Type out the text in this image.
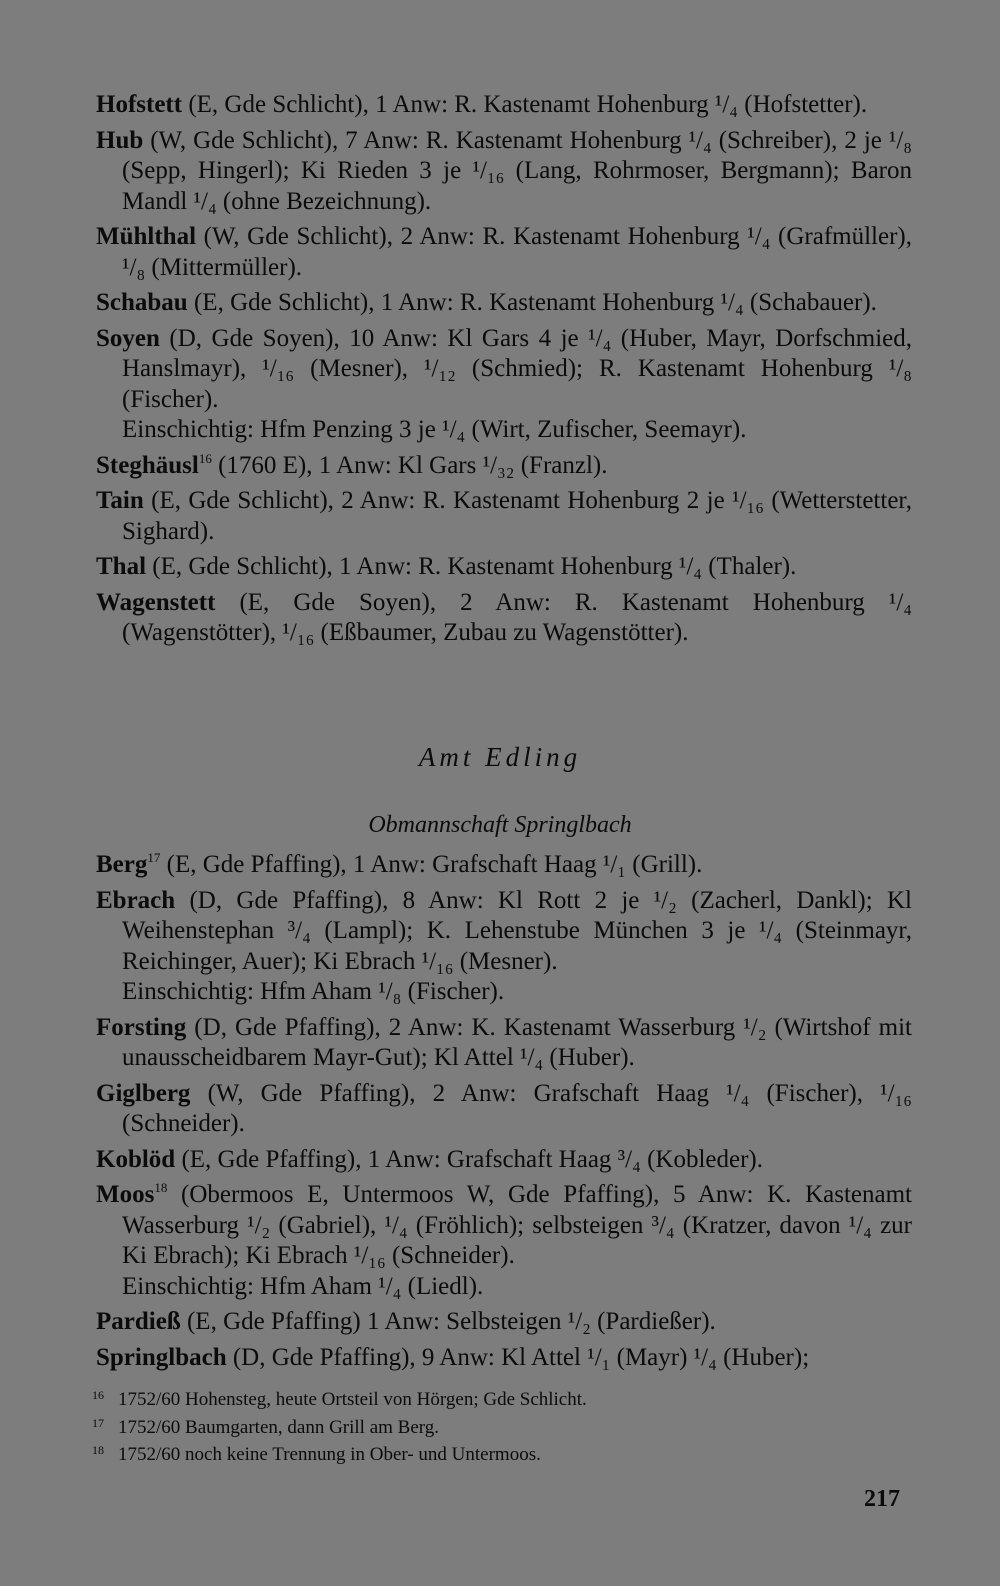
Hofstett (E, Gde Schlicht), 1 Anw: R. Kastenamt Hohenburg ¹/₄ (Hofstetter).

Hub (W, Gde Schlicht), 7 Anw: R. Kastenamt Hohenburg ¹/₄ (Schreiber), 2 je ¹/₈ (Sepp, Hingerl); Ki Rieden 3 je ¹/₁₆ (Lang, Rohrmoser, Bergmann); Baron Mandl ¹/₄ (ohne Bezeichnung).

Mühlthal (W, Gde Schlicht), 2 Anw: R. Kastenamt Hohenburg ¹/₄ (Grafmüller), ¹/₈ (Mittermüller).

Schabau (E, Gde Schlicht), 1 Anw: R. Kastenamt Hohenburg ¹/₄ (Schabauer).

Soyen (D, Gde Soyen), 10 Anw: Kl Gars 4 je ¹/₄ (Huber, Mayr, Dorfschmied, Hanslmayr), ¹/₁₆ (Mesner), ¹/₁₂ (Schmied); R. Kastenamt Hohenburg ¹/₈ (Fischer).
Einschichtig: Hfm Penzing 3 je ¹/₄ (Wirt, Zufischer, Seemayr).

Steghäusl$^{16}$ (1760 E), 1 Anw: Kl Gars ¹/₃₂ (Franzl).

Tain (E, Gde Schlicht), 2 Anw: R. Kastenamt Hohenburg 2 je ¹/₁₆ (Wetterstetter, Sighard).

Thal (E, Gde Schlicht), 1 Anw: R. Kastenamt Hohenburg ¹/₄ (Thaler).

Wagenstett (E, Gde Soyen), 2 Anw: R. Kastenamt Hohenburg ¹/₄ (Wagenstötter), ¹/₁₆ (Eßbaumer, Zubau zu Wagenstötter).

Amt Edling
Obmannschaft Springlbach

Berg$^{17}$ (E, Gde Pfaffing), 1 Anw: Grafschaft Haag ¹/₁ (Grill).

Ebrach (D, Gde Pfaffing), 8 Anw: Kl Rott 2 je ¹/₂ (Zacherl, Dankl); Kl Weihenstephan ³/₄ (Lampl); K. Lehenstube München 3 je ¹/₄ (Steinmayr, Reichinger, Auer); Ki Ebrach ¹/₁₆ (Mesner).
Einschichtig: Hfm Aham ¹/₈ (Fischer).

Forsting (D, Gde Pfaffing), 2 Anw: K. Kastenamt Wasserburg ¹/₂ (Wirtshof mit unausscheidbarem Mayr-Gut); Kl Attel ¹/₄ (Huber).

Giglberg (W, Gde Pfaffing), 2 Anw: Grafschaft Haag ¹/₄ (Fischer), ¹/₁₆ (Schneider).

Koblöd (E, Gde Pfaffing), 1 Anw: Grafschaft Haag ³/₄ (Kobleder).

Moos$^{18}$ (Obermoos E, Untermoos W, Gde Pfaffing), 5 Anw: K. Kastenamt Wasserburg ¹/₂ (Gabriel), ¹/₄ (Fröhlich); selbsteigen ³/₄ (Kratzer, davon ¹/₄ zur Ki Ebrach); Ki Ebrach ¹/₁₆ (Schneider).
Einschichtig: Hfm Aham ¹/₄ (Liedl).

Pardieß (E, Gde Pfaffing) 1 Anw: Selbsteigen ¹/₂ (Pardießer).

Springlbach (D, Gde Pfaffing), 9 Anw: Kl Attel ¹/₁ (Mayr) ¹/₄ (Huber);

16 1752/60 Hohensteg, heute Ortsteil von Hörgen; Gde Schlicht.
17 1752/60 Baumgarten, dann Grill am Berg.
18 1752/60 noch keine Trennung in Ober- und Untermoos.
217
